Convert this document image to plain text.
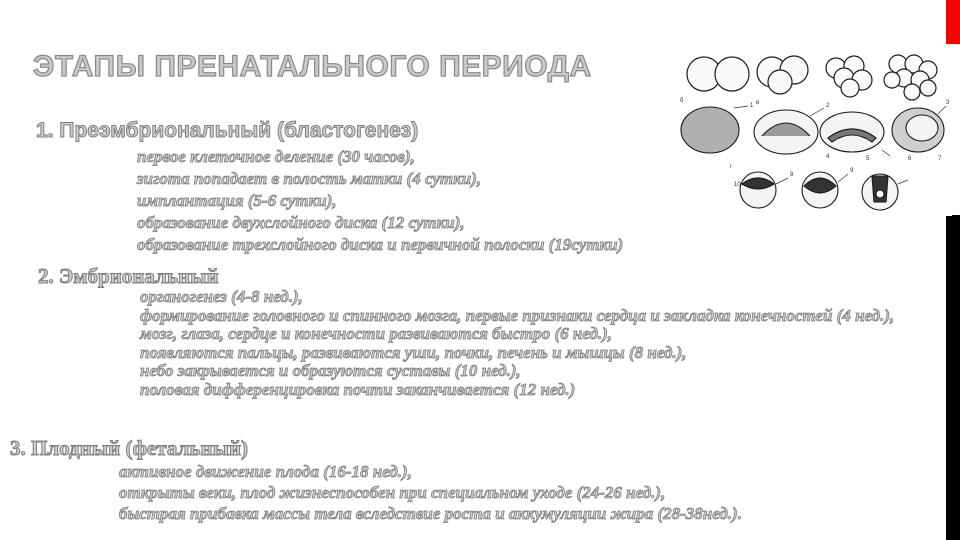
ЭТАПЫ ПРЕНАТАЛЬНОГО ПЕРИОДА
б	в
г
1	2	3
4	5	6	7
8
9
10
1. Преэмбриональный (бластогенез)
первое клеточное деление (30 часов),
зигота попадает в полость матки (4 сутки),
имплантация (5-6 сутки),
образование двухслойного диска (12 сутки),
образование трехслойного диска и первичной полоски (19сутки)
2. Эмбриональный
органогенез (4-8 нед.),
формирование головного и спинного мозга, первые признаки сердца и закладка конечностей (4 нед.),
мозг, глаза, сердце и конечности развиваются быстро (6 нед.),
появляются пальцы, развиваются уши, почки, печень и мышцы (8 нед.),
небо закрывается и образуются суставы (10 нед.),
половая дифференцировка почти заканчивается (12 нед.)
3. Плодный (фетальный)
активное движение плода (16-18 нед.),
открыты веки, плод жизнеспособен при специальном уходе (24-26 нед.),
быстрая прибавка массы тела вследствие роста и аккумуляции жира (28-38нед.).
